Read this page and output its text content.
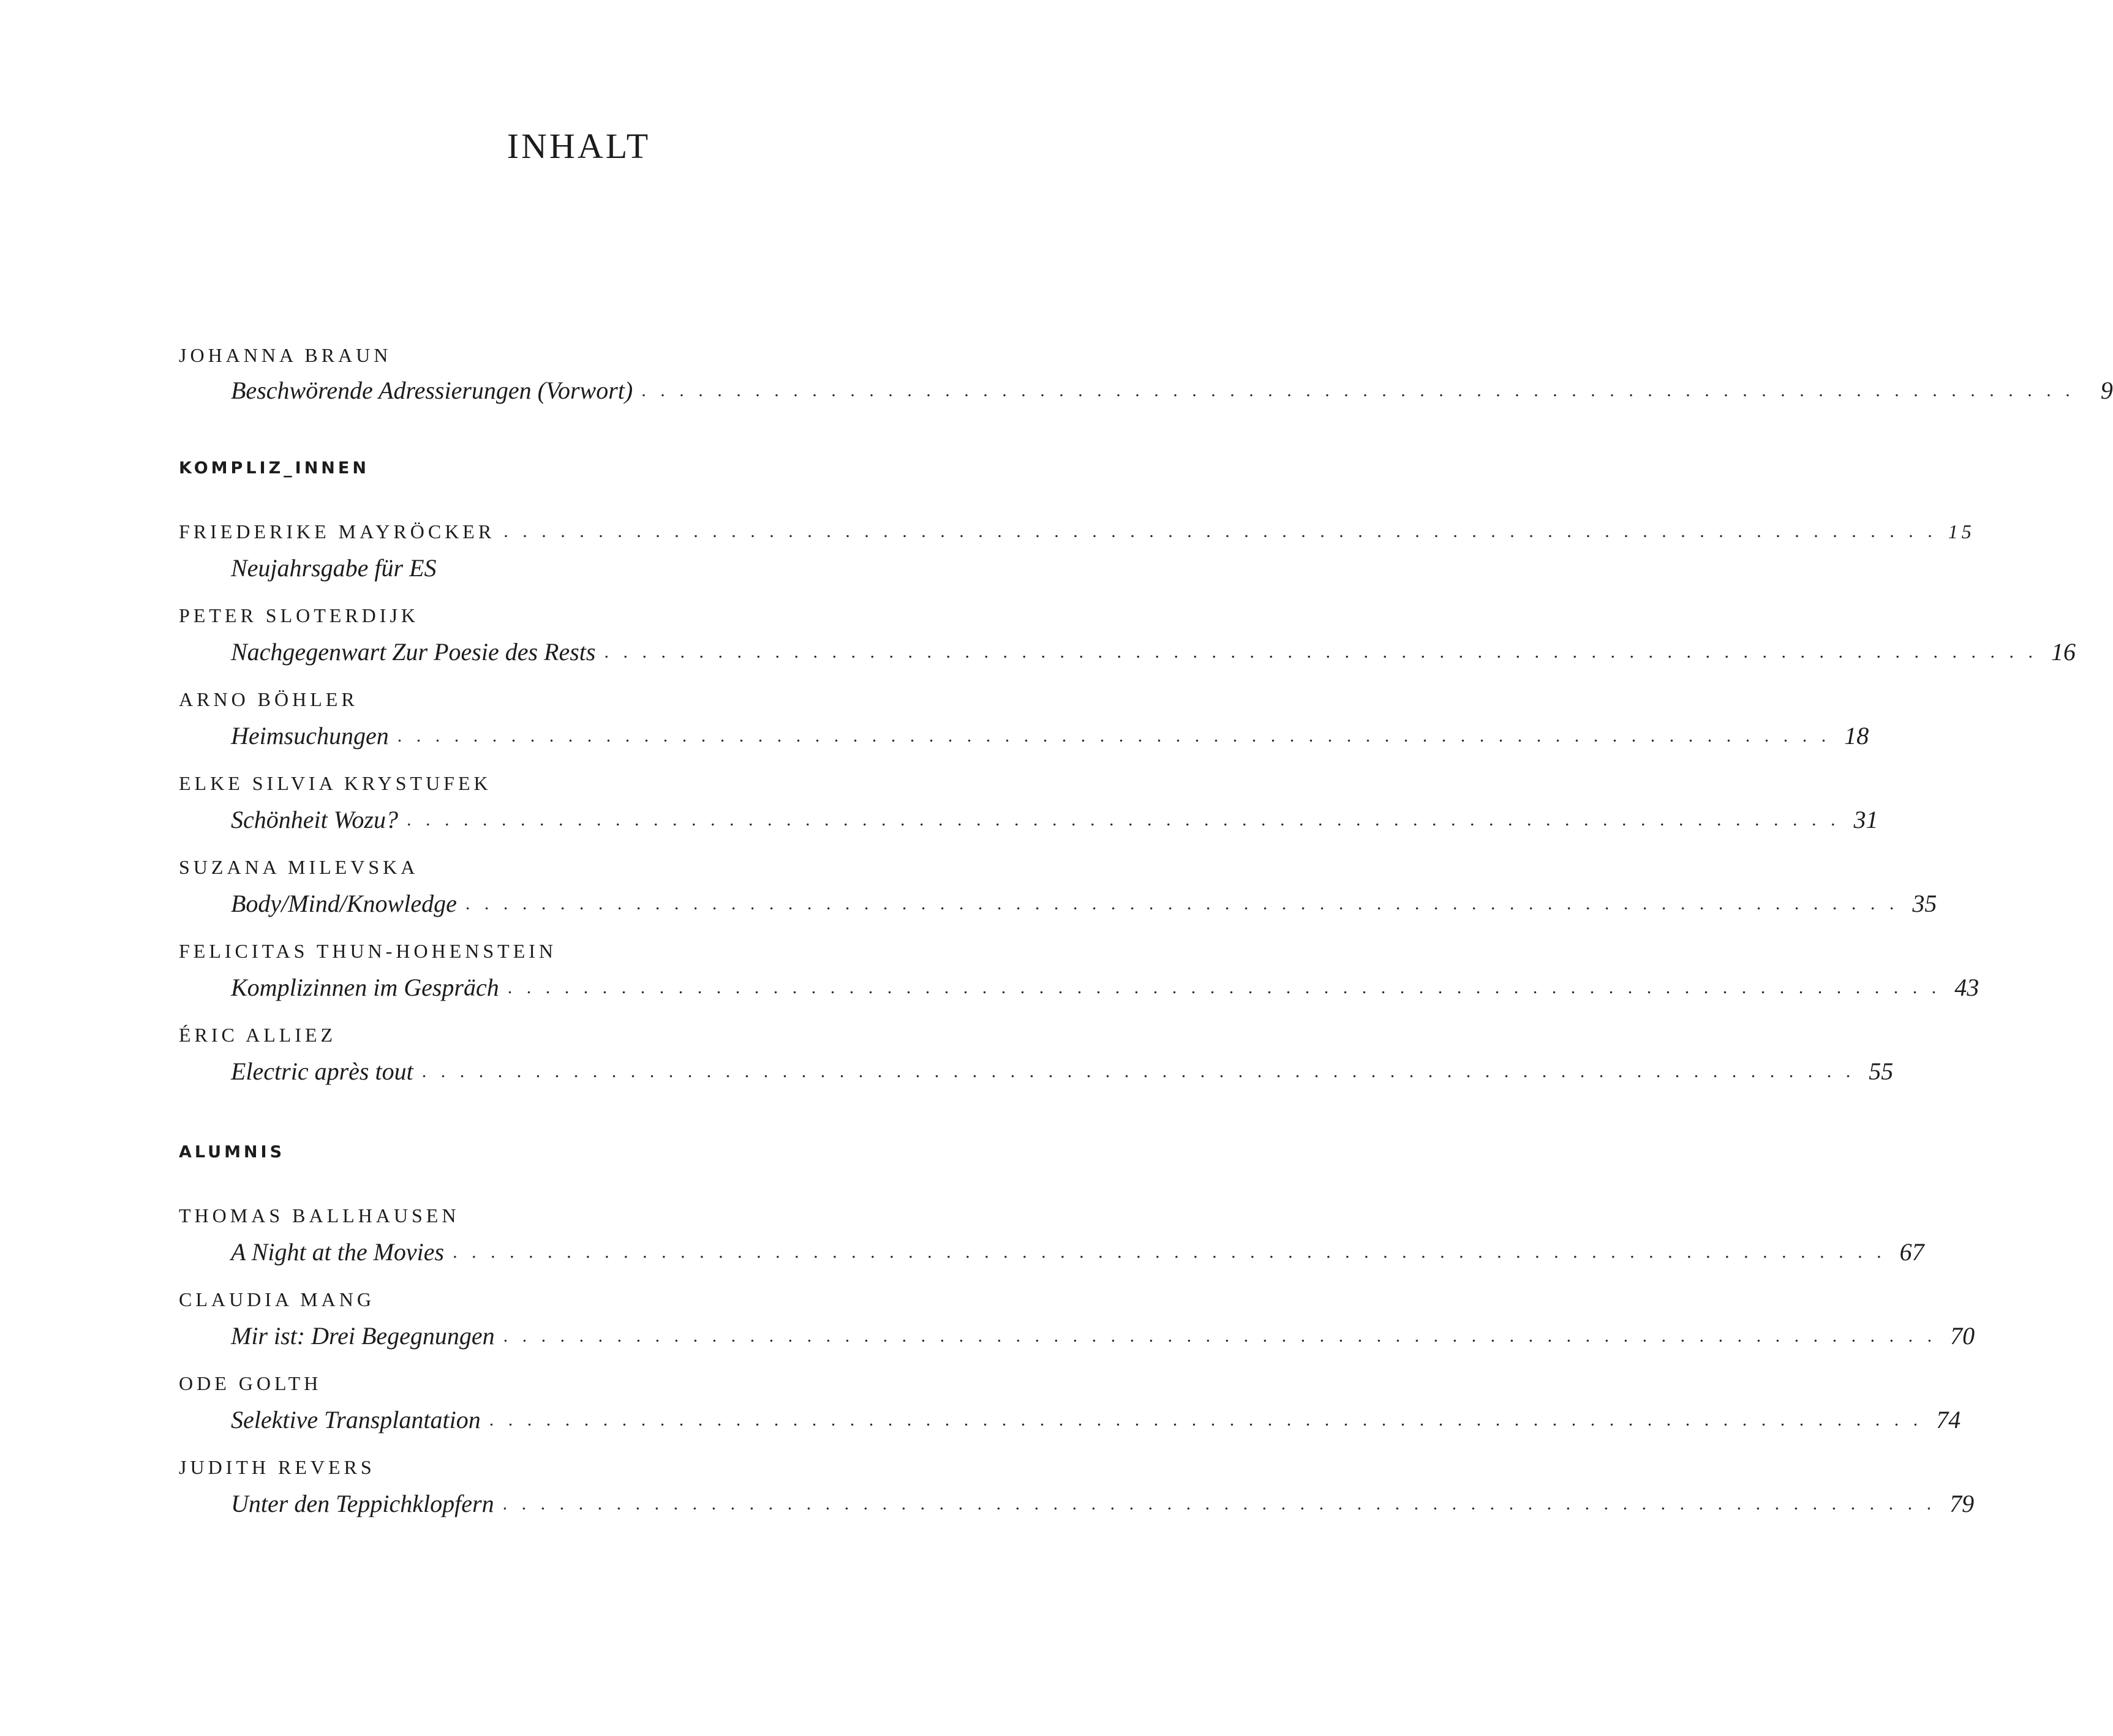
INHALT
JOHANNA BRAUN
Beschwörende Adressierungen (Vorwort) . . . . . . . . . . . . . . . . . . . . . . . . . . . . . . . . . . . . . . . . . . . . . . . . . . . . . . . . . . . . . . . . . . . . . . . . . . . .	9
KOMPLIZ_INNEN
FRIEDERIKE MAYRÖCKER . . . . . . . . . . . . . . . . . . . . . . . . . . . . . . . . . . . . . . . . . . . . . . . . . . . . . . . . . . . . . . . . . . . . . . . . . . . . 15
Neujahrsgabe für ES
PETER SLOTERDIJK
Nachgegenwart Zur Poesie des Rests . . . . . . . . . . . . . . . . . . . . . . . . . . . . . . . . . . . . . . . . . . . . . . . . . . . . . . . . . . . . . . . . . . . . . . . . . . . . 16
ARNO BÖHLER
Heimsuchungen . . . . . . . . . . . . . . . . . . . . . . . . . . . . . . . . . . . . . . . . . . . . . . . . . . . . . . . . . . . . . . . . . . . . . . . . . . . . 18
ELKE SILVIA KRYSTUFEK
Schönheit Wozu? . . . . . . . . . . . . . . . . . . . . . . . . . . . . . . . . . . . . . . . . . . . . . . . . . . . . . . . . . . . . . . . . . . . . . . . . . . . . 31
SUZANA MILEVSKA
Body/Mind/Knowledge . . . . . . . . . . . . . . . . . . . . . . . . . . . . . . . . . . . . . . . . . . . . . . . . . . . . . . . . . . . . . . . . . . . . . . . . . . . . 35
FELICITAS THUN-HOHENSTEIN
Komplizinnen im Gespräch . . . . . . . . . . . . . . . . . . . . . . . . . . . . . . . . . . . . . . . . . . . . . . . . . . . . . . . . . . . . . . . . . . . . . . . . . . . . 43
ÉRIC ALLIEZ
Electric après tout . . . . . . . . . . . . . . . . . . . . . . . . . . . . . . . . . . . . . . . . . . . . . . . . . . . . . . . . . . . . . . . . . . . . . . . . . . . . 55
ALUMNIS
THOMAS BALLHAUSEN
A Night at the Movies . . . . . . . . . . . . . . . . . . . . . . . . . . . . . . . . . . . . . . . . . . . . . . . . . . . . . . . . . . . . . . . . . . . . . . . . . . . . 67
CLAUDIA MANG
Mir ist: Drei Begegnungen . . . . . . . . . . . . . . . . . . . . . . . . . . . . . . . . . . . . . . . . . . . . . . . . . . . . . . . . . . . . . . . . . . . . . . . . . . . . 70
ODE GOLTH
Selektive Transplantation . . . . . . . . . . . . . . . . . . . . . . . . . . . . . . . . . . . . . . . . . . . . . . . . . . . . . . . . . . . . . . . . . . . . . . . . . . . . 74
JUDITH REVERS
Unter den Teppichklopfern . . . . . . . . . . . . . . . . . . . . . . . . . . . . . . . . . . . . . . . . . . . . . . . . . . . . . . . . . . . . . . . . . . . . . . . . . . . . 79
